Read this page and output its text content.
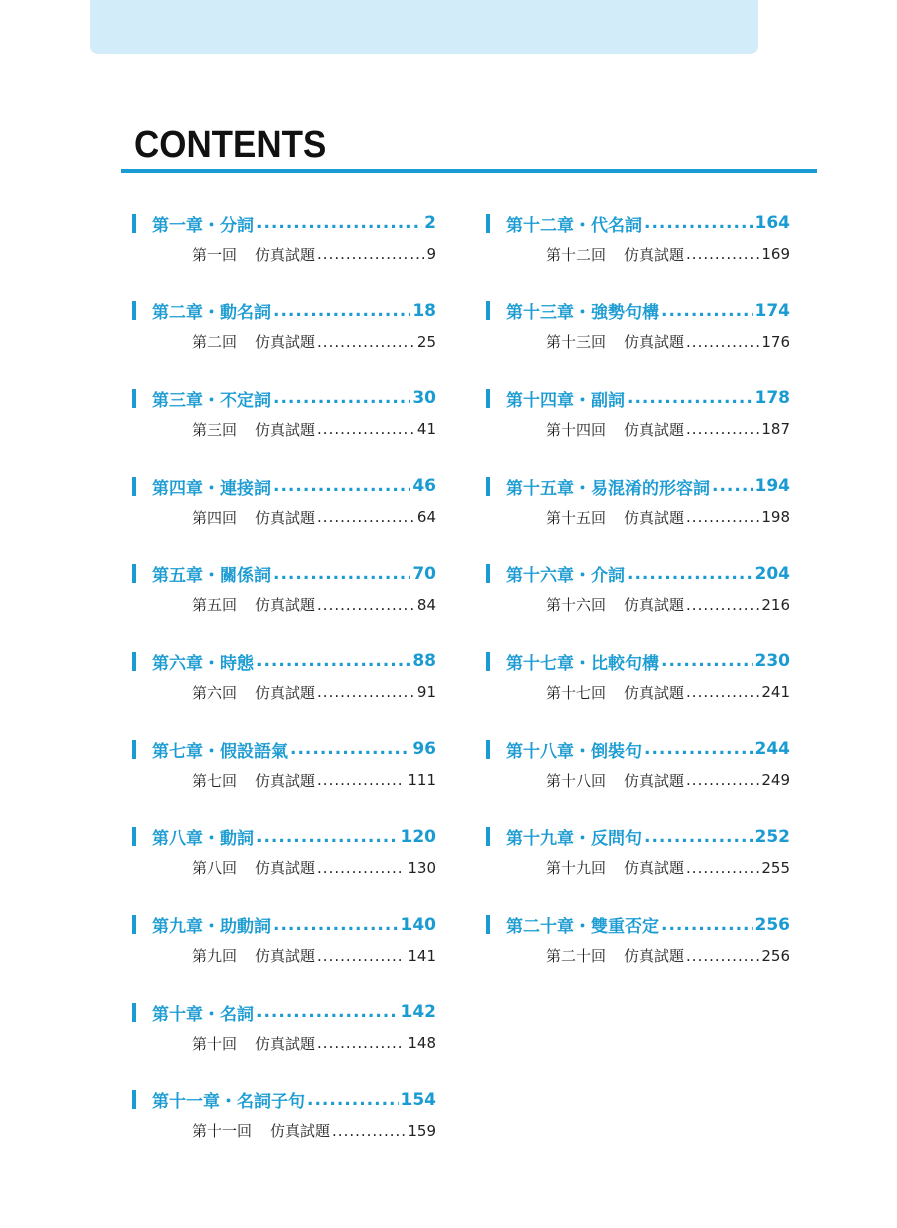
CONTENTS
第一章・分詞 .....	2
第一回 仿真試題 .....	9
第二章・動名詞 .....	18
第二回 仿真試題 .....	25
第三章・不定詞 .....	30
第三回 仿真試題 .....	41
第四章・連接詞 .....	46
第四回 仿真試題 .....	64
第五章・關係詞 .....	70
第五回 仿真試題 .....	84
第六章・時態 .....	88
第六回 仿真試題 .....	91
第七章・假設語氣 .....	96
第七回 仿真試題 .....	111
第八章・動詞 .....	120
第八回 仿真試題 .....	130
第九章・助動詞 .....	140
第九回 仿真試題 .....	141
第十章・名詞 .....	142
第十回 仿真試題 .....	148
第十一章・名詞子句 .....	154
第十一回 仿真試題 .....	159
第十二章・代名詞 .....	164
第十二回 仿真試題 .....	169
第十三章・強勢句構 .....	174
第十三回 仿真試題 .....	176
第十四章・副詞 .....	178
第十四回 仿真試題 .....	187
第十五章・易混淆的形容詞 .....	194
第十五回 仿真試題 .....	198
第十六章・介詞 .....	204
第十六回 仿真試題 .....	216
第十七章・比較句構 .....	230
第十七回 仿真試題 .....	241
第十八章・倒裝句 .....	244
第十八回 仿真試題 .....	249
第十九章・反問句 .....	252
第十九回 仿真試題 .....	255
第二十章・雙重否定 .....	256
第二十回 仿真試題 .....	256
